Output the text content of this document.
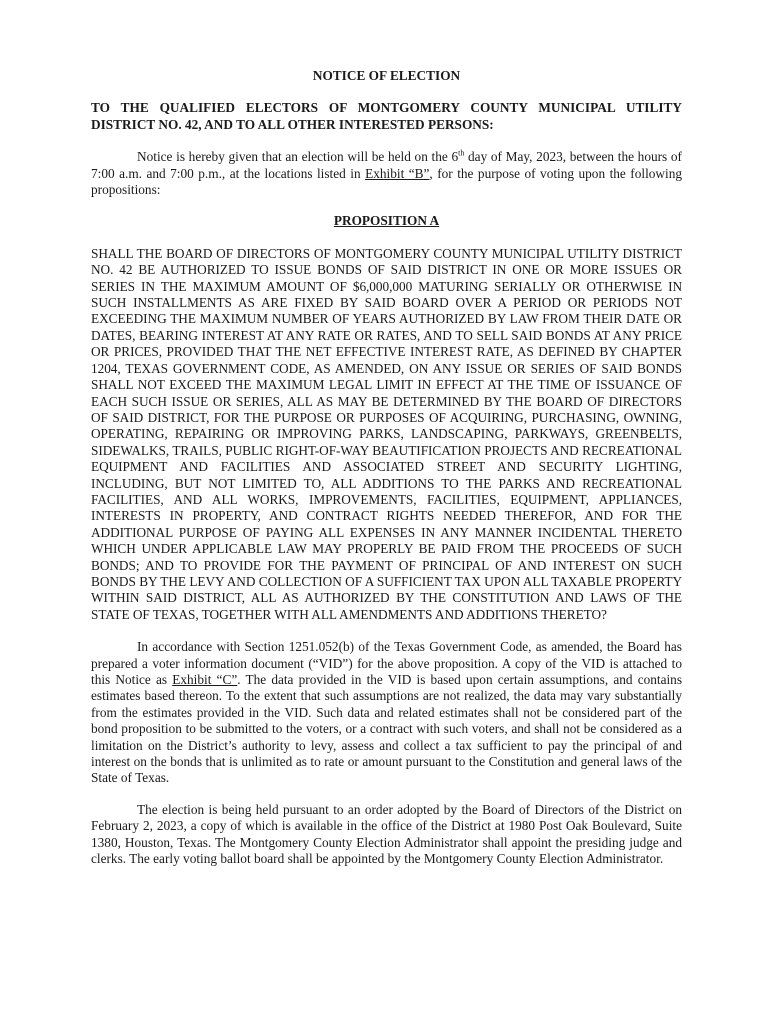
NOTICE OF ELECTION

TO THE QUALIFIED ELECTORS OF MONTGOMERY COUNTY MUNICIPAL UTILITY DISTRICT NO. 42, AND TO ALL OTHER INTERESTED PERSONS:

Notice is hereby given that an election will be held on the 6th day of May, 2023, between the hours of 7:00 a.m. and 7:00 p.m., at the locations listed in Exhibit “B”, for the purpose of voting upon the following propositions:

PROPOSITION A

SHALL THE BOARD OF DIRECTORS OF MONTGOMERY COUNTY MUNICIPAL UTILITY DISTRICT NO. 42 BE AUTHORIZED TO ISSUE BONDS OF SAID DISTRICT IN ONE OR MORE ISSUES OR SERIES IN THE MAXIMUM AMOUNT OF $6,000,000 MATURING SERIALLY OR OTHERWISE IN SUCH INSTALLMENTS AS ARE FIXED BY SAID BOARD OVER A PERIOD OR PERIODS NOT EXCEEDING THE MAXIMUM NUMBER OF YEARS AUTHORIZED BY LAW FROM THEIR DATE OR DATES, BEARING INTEREST AT ANY RATE OR RATES, AND TO SELL SAID BONDS AT ANY PRICE OR PRICES, PROVIDED THAT THE NET EFFECTIVE INTEREST RATE, AS DEFINED BY CHAPTER 1204, TEXAS GOVERNMENT CODE, AS AMENDED, ON ANY ISSUE OR SERIES OF SAID BONDS SHALL NOT EXCEED THE MAXIMUM LEGAL LIMIT IN EFFECT AT THE TIME OF ISSUANCE OF EACH SUCH ISSUE OR SERIES, ALL AS MAY BE DETERMINED BY THE BOARD OF DIRECTORS OF SAID DISTRICT, FOR THE PURPOSE OR PURPOSES OF ACQUIRING, PURCHASING, OWNING, OPERATING, REPAIRING OR IMPROVING PARKS, LANDSCAPING, PARKWAYS, GREENBELTS, SIDEWALKS, TRAILS, PUBLIC RIGHT-OF-WAY BEAUTIFICATION PROJECTS AND RECREATIONAL EQUIPMENT AND FACILITIES AND ASSOCIATED STREET AND SECURITY LIGHTING, INCLUDING, BUT NOT LIMITED TO, ALL ADDITIONS TO THE PARKS AND RECREATIONAL FACILITIES, AND ALL WORKS, IMPROVEMENTS, FACILITIES, EQUIPMENT, APPLIANCES, INTERESTS IN PROPERTY, AND CONTRACT RIGHTS NEEDED THEREFOR, AND FOR THE ADDITIONAL PURPOSE OF PAYING ALL EXPENSES IN ANY MANNER INCIDENTAL THERETO WHICH UNDER APPLICABLE LAW MAY PROPERLY BE PAID FROM THE PROCEEDS OF SUCH BONDS; AND TO PROVIDE FOR THE PAYMENT OF PRINCIPAL OF AND INTEREST ON SUCH BONDS BY THE LEVY AND COLLECTION OF A SUFFICIENT TAX UPON ALL TAXABLE PROPERTY WITHIN SAID DISTRICT, ALL AS AUTHORIZED BY THE CONSTITUTION AND LAWS OF THE STATE OF TEXAS, TOGETHER WITH ALL AMENDMENTS AND ADDITIONS THERETO?

In accordance with Section 1251.052(b) of the Texas Government Code, as amended, the Board has prepared a voter information document (“VID”) for the above proposition. A copy of the VID is attached to this Notice as Exhibit “C”. The data provided in the VID is based upon certain assumptions, and contains estimates based thereon. To the extent that such assumptions are not realized, the data may vary substantially from the estimates provided in the VID. Such data and related estimates shall not be considered part of the bond proposition to be submitted to the voters, or a contract with such voters, and shall not be considered as a limitation on the District’s authority to levy, assess and collect a tax sufficient to pay the principal of and interest on the bonds that is unlimited as to rate or amount pursuant to the Constitution and general laws of the State of Texas.

The election is being held pursuant to an order adopted by the Board of Directors of the District on February 2, 2023, a copy of which is available in the office of the District at 1980 Post Oak Boulevard, Suite 1380, Houston, Texas. The Montgomery County Election Administrator shall appoint the presiding judge and clerks. The early voting ballot board shall be appointed by the Montgomery County Election Administrator.
